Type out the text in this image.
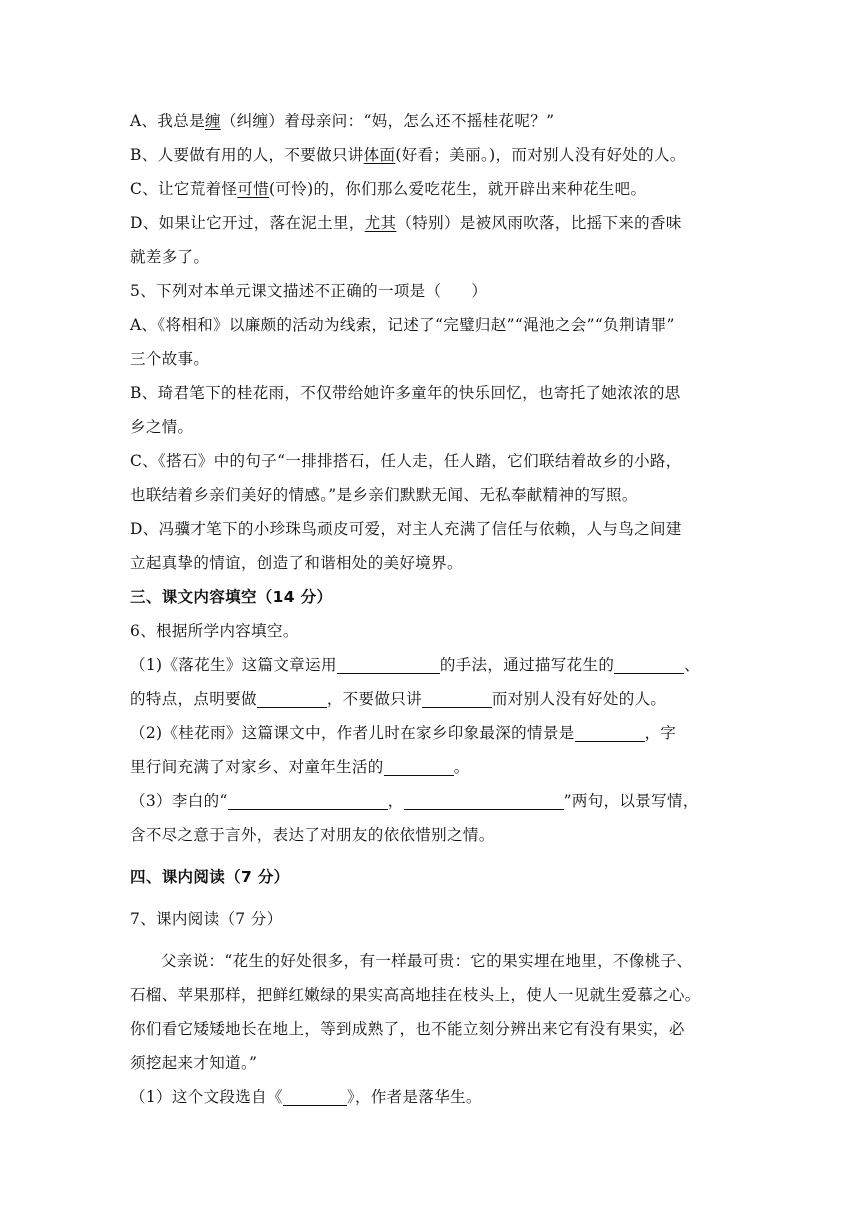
A、我总是缠（纠缠）着母亲问：“妈，怎么还不摇桂花呢？”
B、人要做有用的人，不要做只讲体面(好看；美丽。)，而对别人没有好处的人。
C、让它荒着怪可惜(可怜)的，你们那么爱吃花生，就开辟出来种花生吧。
D、如果让它开过，落在泥土里，尤其（特别）是被风雨吹落，比摇下来的香味
就差多了。
5、下列对本单元课文描述不正确的一项是（ ）
A、《将相和》以廉颇的活动为线索，记述了“完璧归赵”“渑池之会”“负荆请罪”
三个故事。
B、琦君笔下的桂花雨，不仅带给她许多童年的快乐回忆，也寄托了她浓浓的思
乡之情。
C、《搭石》中的句子“一排排搭石，任人走，任人踏，它们联结着故乡的小路，
也联结着乡亲们美好的情感。”是乡亲们默默无闻、无私奉献精神的写照。
D、冯骥才笔下的小珍珠鸟顽皮可爱，对主人充满了信任与依赖，人与鸟之间建
立起真挚的情谊，创造了和谐相处的美好境界。
三、课文内容填空（14 分）
6、根据所学内容填空。
（1)《落花生》这篇文章运用	的手法，通过描写花生的	、
的特点，点明要做	，不要做只讲	而对别人没有好处的人。
（2)《桂花雨》这篇课文中，作者儿时在家乡印象最深的情景是	，字
里行间充满了对家乡、对童年生活的	。
（3）李白的“	，	”两句，以景写情，
含不尽之意于言外，表达了对朋友的依依惜别之情。
四、课内阅读（7 分）
7、课内阅读（7 分）
父亲说：“花生的好处很多，有一样最可贵：它的果实埋在地里，不像桃子、
石榴、苹果那样，把鲜红嫩绿的果实高高地挂在枝头上，使人一见就生爱慕之心。
你们看它矮矮地长在地上，等到成熟了，也不能立刻分辨出来它有没有果实，必
须挖起来才知道。”
（1）这个文段选自《	》，作者是落华生。
